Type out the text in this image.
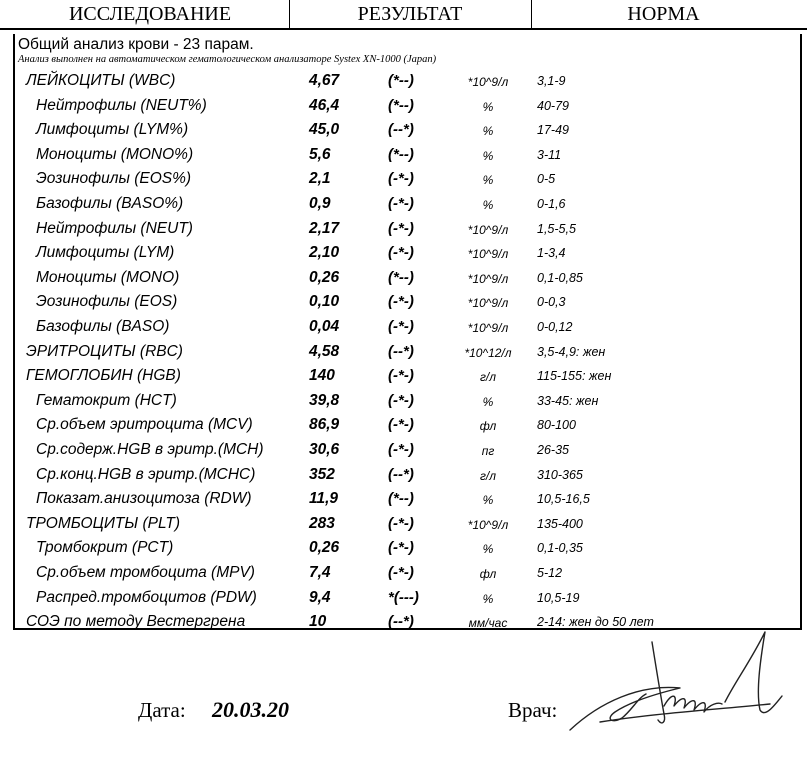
ИССЛЕДОВАНИЕ	РЕЗУЛЬТАТ	НОРМА
Общий анализ крови - 23 парам.
Анализ выполнен на автоматическом гематологическом анализаторе Systex XN-1000 (Japan)
ЛЕЙКОЦИТЫ (WBC)	4,67	(*--)	*10^9/л	3,1-9
Нейтрофилы (NEUT%)	46,4	(*--)	%	40-79
Лимфоциты (LYM%)	45,0	(--*)	%	17-49
Моноциты (MONO%)	5,6	(*--)	%	3-11
Эозинофилы (EOS%)	2,1	(-*-)	%	0-5
Базофилы (BASO%)	0,9	(-*-)	%	0-1,6
Нейтрофилы (NEUT)	2,17	(-*-)	*10^9/л	1,5-5,5
Лимфоциты (LYM)	2,10	(-*-)	*10^9/л	1-3,4
Моноциты (MONO)	0,26	(*--)	*10^9/л	0,1-0,85
Эозинофилы (EOS)	0,10	(-*-)	*10^9/л	0-0,3
Базофилы (BASO)	0,04	(-*-)	*10^9/л	0-0,12
ЭРИТРОЦИТЫ (RBC)	4,58	(--*)	*10^12/л	3,5-4,9: жен
ГЕМОГЛОБИН (HGB)	140	(-*-)	г/л	115-155: жен
Гематокрит (HCT)	39,8	(-*-)	%	33-45: жен
Ср.объем эритроцита (MCV)	86,9	(-*-)	фл	80-100
Ср.содерж.HGB в эритр.(MCH)	30,6	(-*-)	пг	26-35
Ср.конц.HGB в эритр.(MCHC)	352	(--*)	г/л	310-365
Показат.анизоцитоза (RDW)	11,9	(*--)	%	10,5-16,5
ТРОМБОЦИТЫ (PLT)	283	(-*-)	*10^9/л	135-400
Тромбокрит (PCT)	0,26	(-*-)	%	0,1-0,35
Ср.объем тромбоцита (MPV)	7,4	(-*-)	фл	5-12
Распред.тромбоцитов (PDW)	9,4	*(---)	%	10,5-19
СОЭ по методу Вестергрена	10	(--*)	мм/час	2-14: жен до 50 лет
Дата: 20.03.20	Врач:
